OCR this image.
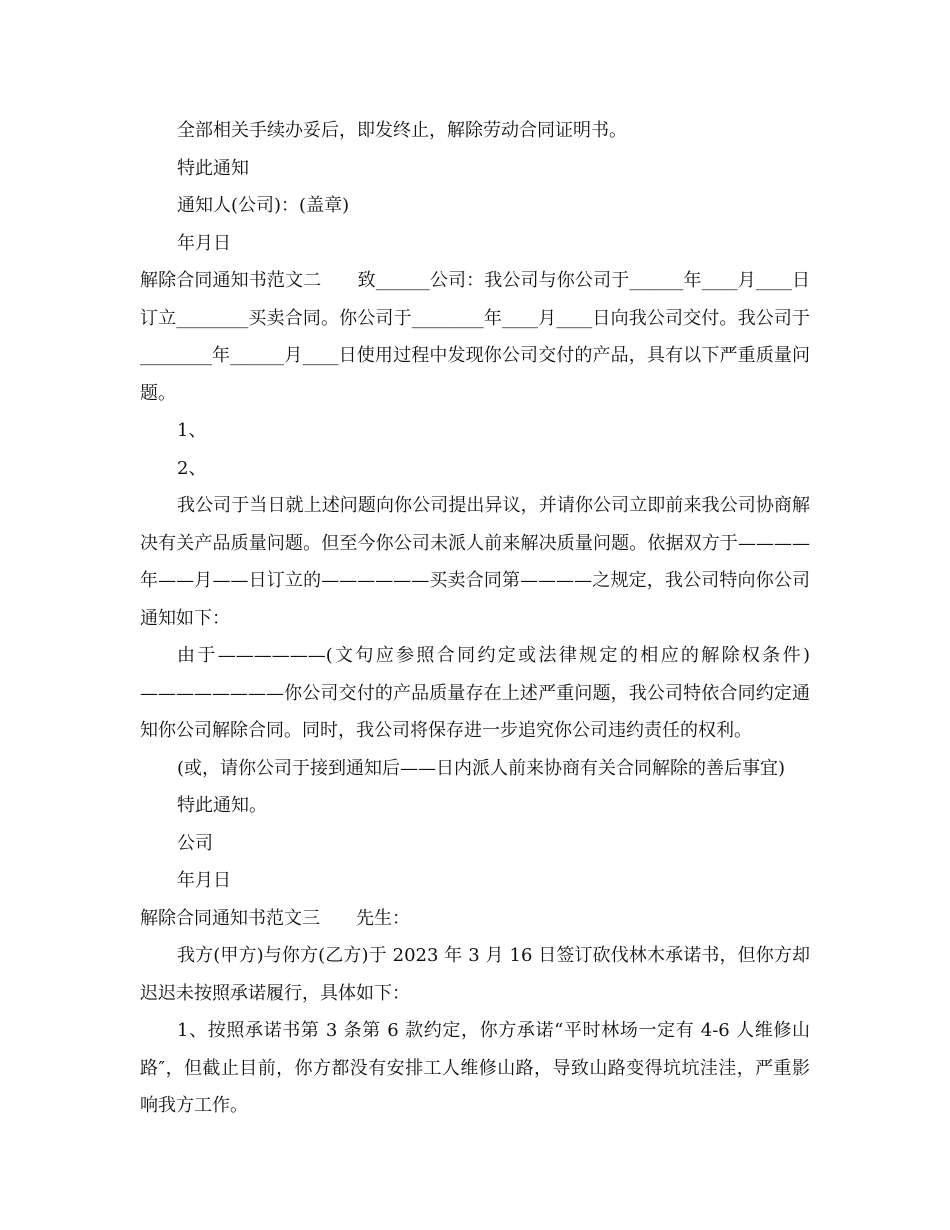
全部相关手续办妥后，即发终止，解除劳动合同证明书。

特此通知

通知人(公司)：(盖章)

年月日

解除合同通知书范文二　　致______公司：我公司与你公司于______年____月____日订立________买卖合同。你公司于________年____月____日向我公司交付。我公司于________年______月____日使用过程中发现你公司交付的产品，具有以下严重质量问题。

1、

2、

我公司于当日就上述问题向你公司提出异议，并请你公司立即前来我公司协商解决有关产品质量问题。但至今你公司未派人前来解决质量问题。依据双方于————年——月——日订立的——————买卖合同第————之规定，我公司特向你公司通知如下：

由于——————(文句应参照合同约定或法律规定的相应的解除权条件)————————你公司交付的产品质量存在上述严重问题，我公司特依合同约定通知你公司解除合同。同时，我公司将保存进一步追究你公司违约责任的权利。

(或，请你公司于接到通知后——日内派人前来协商有关合同解除的善后事宜)

特此通知。

公司

年月日

解除合同通知书范文三　　先生：

我方(甲方)与你方(乙方)于 2023 年 3 月 16 日签订砍伐林木承诺书，但你方却迟迟未按照承诺履行，具体如下：

1、按照承诺书第 3 条第 6 款约定，你方承诺“平时林场一定有 4-6 人维修山路″，但截止目前，你方都没有安排工人维修山路，导致山路变得坑坑洼洼，严重影响我方工作。
